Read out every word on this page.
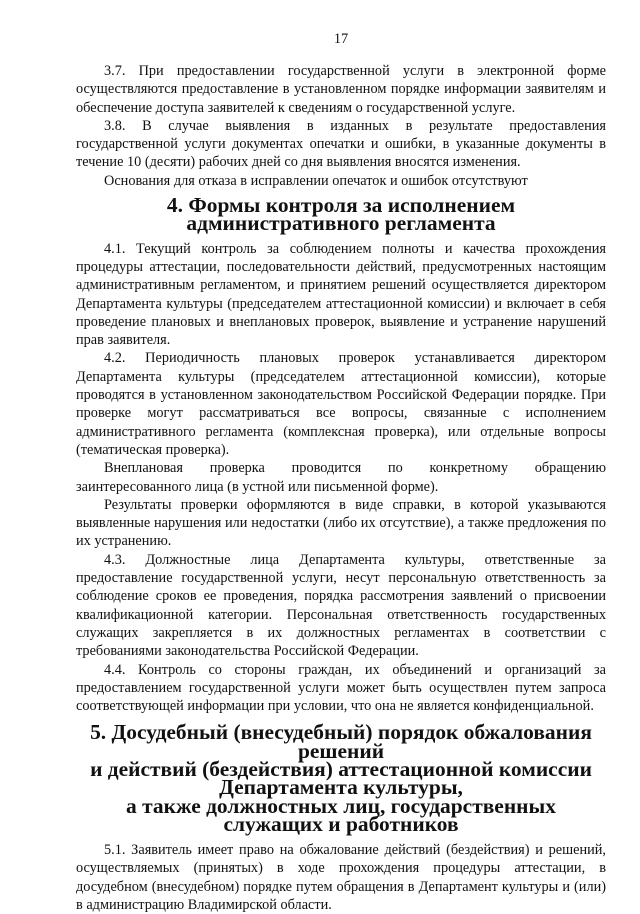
17

3.7. При предоставлении государственной услуги в электронной форме осуществляются предоставление в установленном порядке информации заявителям и обеспечение доступа заявителей к сведениям о государственной услуге.

3.8. В случае выявления в изданных в результате предоставления государственной услуги документах опечатки и ошибки, в указанные документы в течение 10 (десяти) рабочих дней со дня выявления вносятся изменения.

Основания для отказа в исправлении опечаток и ошибок отсутствуют

4. Формы контроля за исполнением административного регламента

4.1. Текущий контроль за соблюдением полноты и качества прохождения процедуры аттестации, последовательности действий, предусмотренных настоящим административным регламентом, и принятием решений осуществляется директором Департамента культуры (председателем аттестационной комиссии) и включает в себя проведение плановых и внеплановых проверок, выявление и устранение нарушений прав заявителя.

4.2. Периодичность плановых проверок устанавливается директором Департамента культуры (председателем аттестационной комиссии), которые проводятся в установленном законодательством Российской Федерации порядке. При проверке могут рассматриваться все вопросы, связанные с исполнением административного регламента (комплексная проверка), или отдельные вопросы (тематическая проверка).

Внеплановая проверка проводится по конкретному обращению заинтересованного лица (в устной или письменной форме).

Результаты проверки оформляются в виде справки, в которой указываются выявленные нарушения или недостатки (либо их отсутствие), а также предложения по их устранению.

4.3. Должностные лица Департамента культуры, ответственные за предоставление государственной услуги, несут персональную ответственность за соблюдение сроков ее проведения, порядка рассмотрения заявлений о присвоении квалификационной категории. Персональная ответственность государственных служащих закрепляется в их должностных регламентах в соответствии с требованиями законодательства Российской Федерации.

4.4. Контроль со стороны граждан, их объединений и организаций за предоставлением государственной услуги может быть осуществлен путем запроса соответствующей информации при условии, что она не является конфиденциальной.

5. Досудебный (внесудебный) порядок обжалования решений
и действий (бездействия) аттестационной комиссии Департамента культуры,
а также должностных лиц, государственных служащих и работников

5.1. Заявитель имеет право на обжалование действий (бездействия) и решений, осуществляемых (принятых) в ходе прохождения процедуры аттестации, в досудебном (внесудебном) порядке путем обращения в Департамент культуры и (или) в администрацию Владимирской области.
